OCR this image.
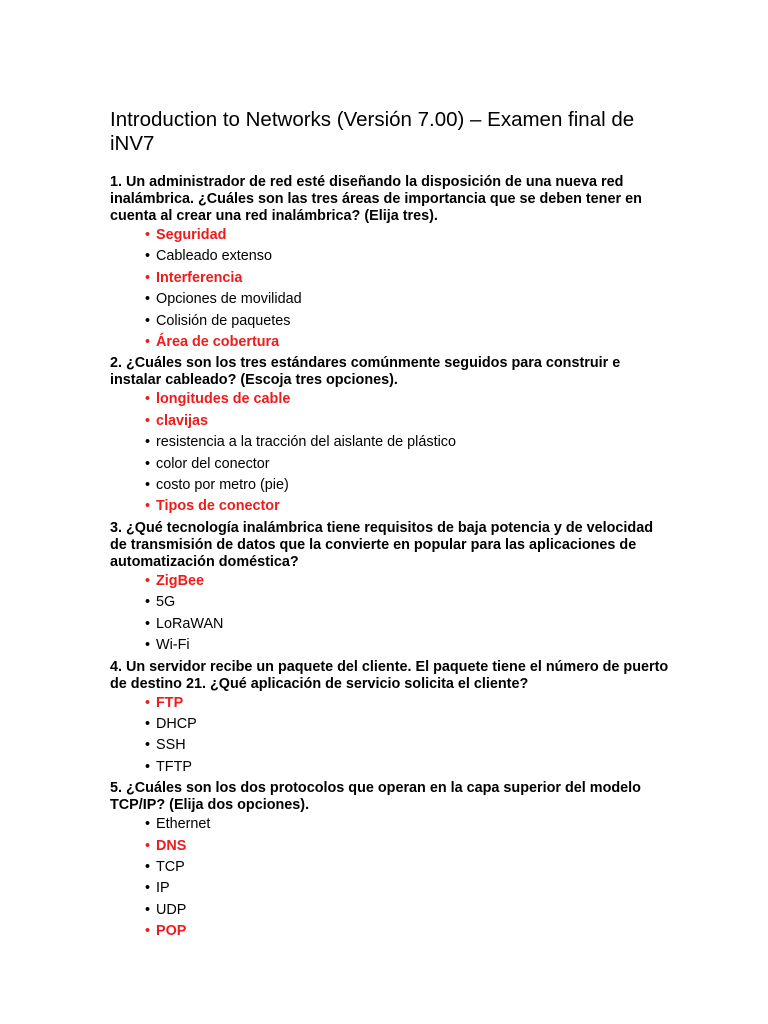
Introduction to Networks (Versión 7.00) – Examen final de iNV7

1. Un administrador de red esté diseñando la disposición de una nueva red inalámbrica. ¿Cuáles son las tres áreas de importancia que se deben tener en cuenta al crear una red inalámbrica? (Elija tres).

• Seguridad
• Cableado extenso
• Interferencia
• Opciones de movilidad
• Colisión de paquetes
• Área de cobertura

2. ¿Cuáles son los tres estándares comúnmente seguidos para construir e instalar cableado? (Escoja tres opciones).

• longitudes de cable
• clavijas
• resistencia a la tracción del aislante de plástico
• color del conector
• costo por metro (pie)
• Tipos de conector

3. ¿Qué tecnología inalámbrica tiene requisitos de baja potencia y de velocidad de transmisión de datos que la convierte en popular para las aplicaciones de automatización doméstica?

• ZigBee
• 5G
• LoRaWAN
• Wi-Fi

4. Un servidor recibe un paquete del cliente. El paquete tiene el número de puerto de destino 21. ¿Qué aplicación de servicio solicita el cliente?

• FTP
• DHCP
• SSH
• TFTP

5. ¿Cuáles son los dos protocolos que operan en la capa superior del modelo TCP/IP? (Elija dos opciones).

• Ethernet
• DNS
• TCP
• IP
• UDP
• POP
